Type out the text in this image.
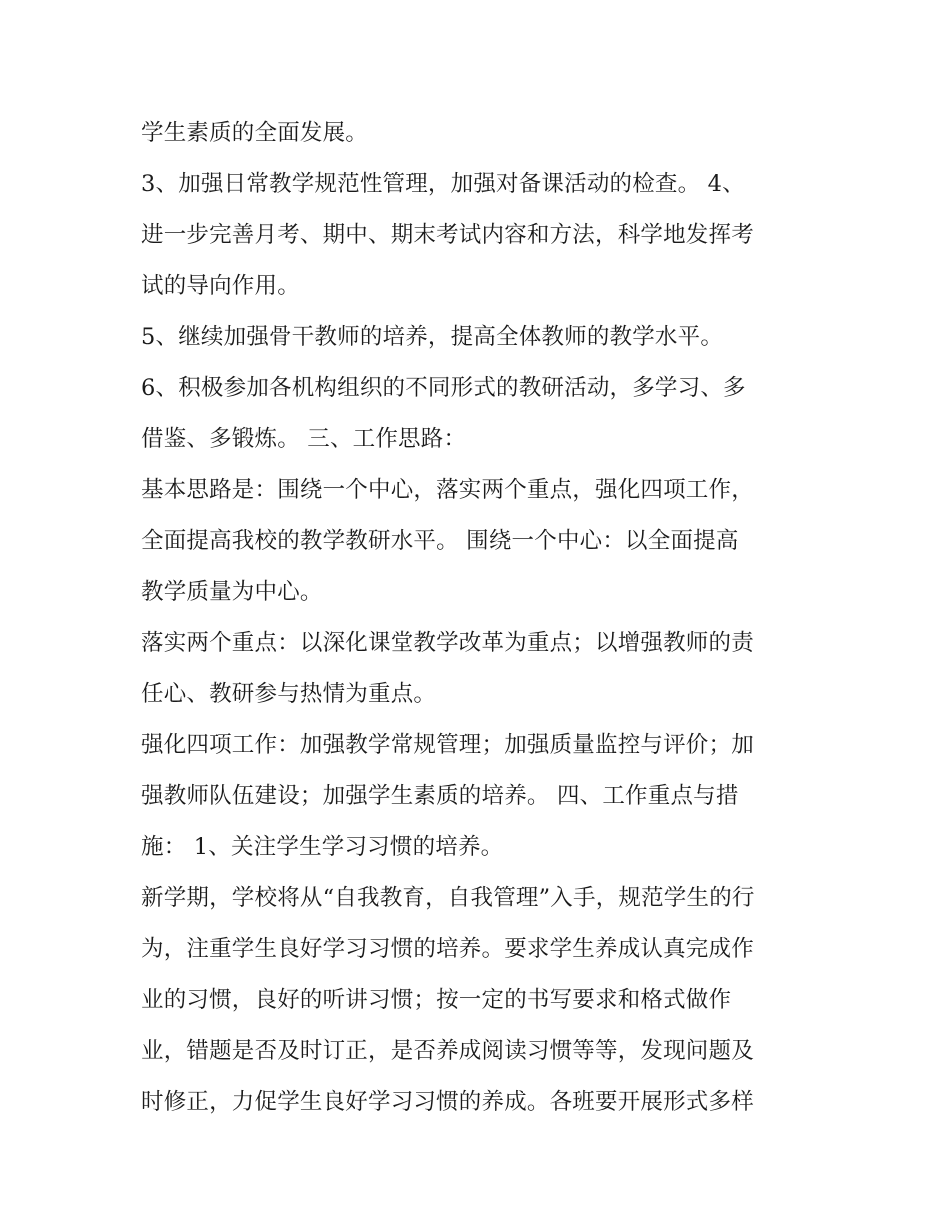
学生素质的全面发展。
3、加强日常教学规范性管理，加强对备课活动的检查。 4、
进一步完善月考、期中、期末考试内容和方法，科学地发挥考
试的导向作用。
5、继续加强骨干教师的培养，提高全体教师的教学水平。
6、积极参加各机构组织的不同形式的教研活动，多学习、多
借鉴、多锻炼。 三、工作思路：
基本思路是：围绕一个中心，落实两个重点，强化四项工作，
全面提高我校的教学教研水平。 围绕一个中心：以全面提高
教学质量为中心。
落实两个重点：以深化课堂教学改革为重点；以增强教师的责
任心、教研参与热情为重点。
强化四项工作：加强教学常规管理；加强质量监控与评价；加
强教师队伍建设；加强学生素质的培养。 四、工作重点与措
施： 1、关注学生学习习惯的培养。
新学期，学校将从“自我教育，自我管理”入手，规范学生的行
为，注重学生良好学习习惯的培养。要求学生养成认真完成作
业的习惯，良好的听讲习惯；按一定的书写要求和格式做作
业，错题是否及时订正，是否养成阅读习惯等等，发现问题及
时修正，力促学生良好学习习惯的养成。各班要开展形式多样
